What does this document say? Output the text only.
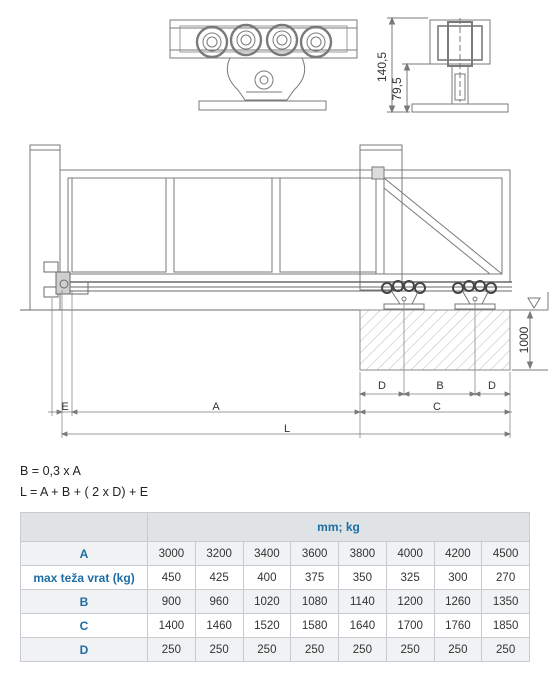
140,5
79,5
1000
D	B	D
E	A	C
L
B = 0,3 x A
L = A + B + ( 2 x D) + E
	mm; kg							
A	3000	3200	3400	3600	3800	4000	4200	4500
max teža vrat (kg)	450	425	400	375	350	325	300	270
B	900	960	1020	1080	1140	1200	1260	1350
C	1400	1460	1520	1580	1640	1700	1760	1850
D	250	250	250	250	250	250	250	250
